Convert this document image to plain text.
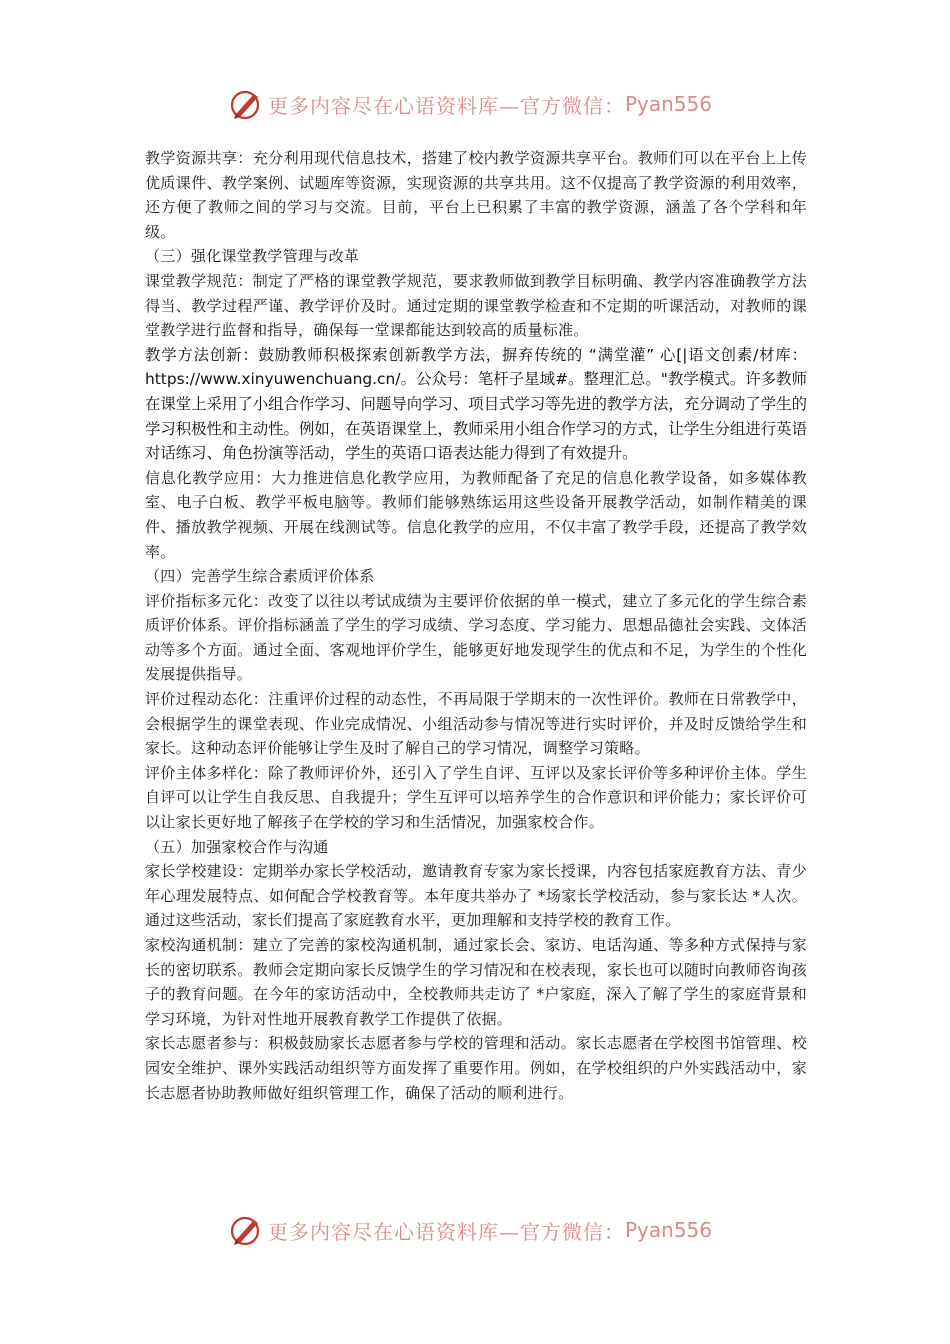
更多内容尽在心语资料库—官方微信： Pyan556

教学资源共享：充分利用现代信息技术，搭建了校内教学资源共享平台。教师们可以在平台上上传优质课件、教学案例、试题库等资源，实现资源的共享共用。这不仅提高了教学资源的利用效率，还方便了教师之间的学习与交流。目前，平台上已积累了丰富的教学资源，涵盖了各个学科和年级。

（三）强化课堂教学管理与改革

课堂教学规范：制定了严格的课堂教学规范，要求教师做到教学目标明确、教学内容准确教学方法得当、教学过程严谨、教学评价及时。通过定期的课堂教学检查和不定期的听课活动，对教师的课堂教学进行监督和指导，确保每一堂课都能达到较高的质量标准。

教学方法创新：鼓励教师积极探索创新教学方法，摒弃传统的 “满堂灌” 心[|语文创素/材库：https://www.xinyuwenchuang.cn/。公众号：笔杆子星域#。整理汇总。"教学模式。许多教师在课堂上采用了小组合作学习、问题导向学习、项目式学习等先进的教学方法，充分调动了学生的学习积极性和主动性。例如，在英语课堂上，教师采用小组合作学习的方式，让学生分组进行英语对话练习、角色扮演等活动，学生的英语口语表达能力得到了有效提升。

信息化教学应用：大力推进信息化教学应用，为教师配备了充足的信息化教学设备，如多媒体教室、电子白板、教学平板电脑等。教师们能够熟练运用这些设备开展教学活动，如制作精美的课件、播放教学视频、开展在线测试等。信息化教学的应用，不仅丰富了教学手段，还提高了教学效率。

（四）完善学生综合素质评价体系

评价指标多元化：改变了以往以考试成绩为主要评价依据的单一模式，建立了多元化的学生综合素质评价体系。评价指标涵盖了学生的学习成绩、学习态度、学习能力、思想品德社会实践、文体活动等多个方面。通过全面、客观地评价学生，能够更好地发现学生的优点和不足，为学生的个性化发展提供指导。

评价过程动态化：注重评价过程的动态性，不再局限于学期末的一次性评价。教师在日常教学中，会根据学生的课堂表现、作业完成情况、小组活动参与情况等进行实时评价，并及时反馈给学生和家长。这种动态评价能够让学生及时了解自己的学习情况，调整学习策略。

评价主体多样化：除了教师评价外，还引入了学生自评、互评以及家长评价等多种评价主体。学生自评可以让学生自我反思、自我提升；学生互评可以培养学生的合作意识和评价能力；家长评价可以让家长更好地了解孩子在学校的学习和生活情况，加强家校合作。

（五）加强家校合作与沟通

家长学校建设：定期举办家长学校活动，邀请教育专家为家长授课，内容包括家庭教育方法、青少年心理发展特点、如何配合学校教育等。本年度共举办了 *场家长学校活动，参与家长达 *人次。通过这些活动，家长们提高了家庭教育水平，更加理解和支持学校的教育工作。

家校沟通机制：建立了完善的家校沟通机制，通过家长会、家访、电话沟通、等多种方式保持与家长的密切联系。教师会定期向家长反馈学生的学习情况和在校表现，家长也可以随时向教师咨询孩子的教育问题。在今年的家访活动中，全校教师共走访了 *户家庭，深入了解了学生的家庭背景和学习环境，为针对性地开展教育教学工作提供了依据。

家长志愿者参与：积极鼓励家长志愿者参与学校的管理和活动。家长志愿者在学校图书馆管理、校园安全维护、课外实践活动组织等方面发挥了重要作用。例如，在学校组织的户外实践活动中，家长志愿者协助教师做好组织管理工作，确保了活动的顺利进行。

更多内容尽在心语资料库—官方微信： Pyan556
